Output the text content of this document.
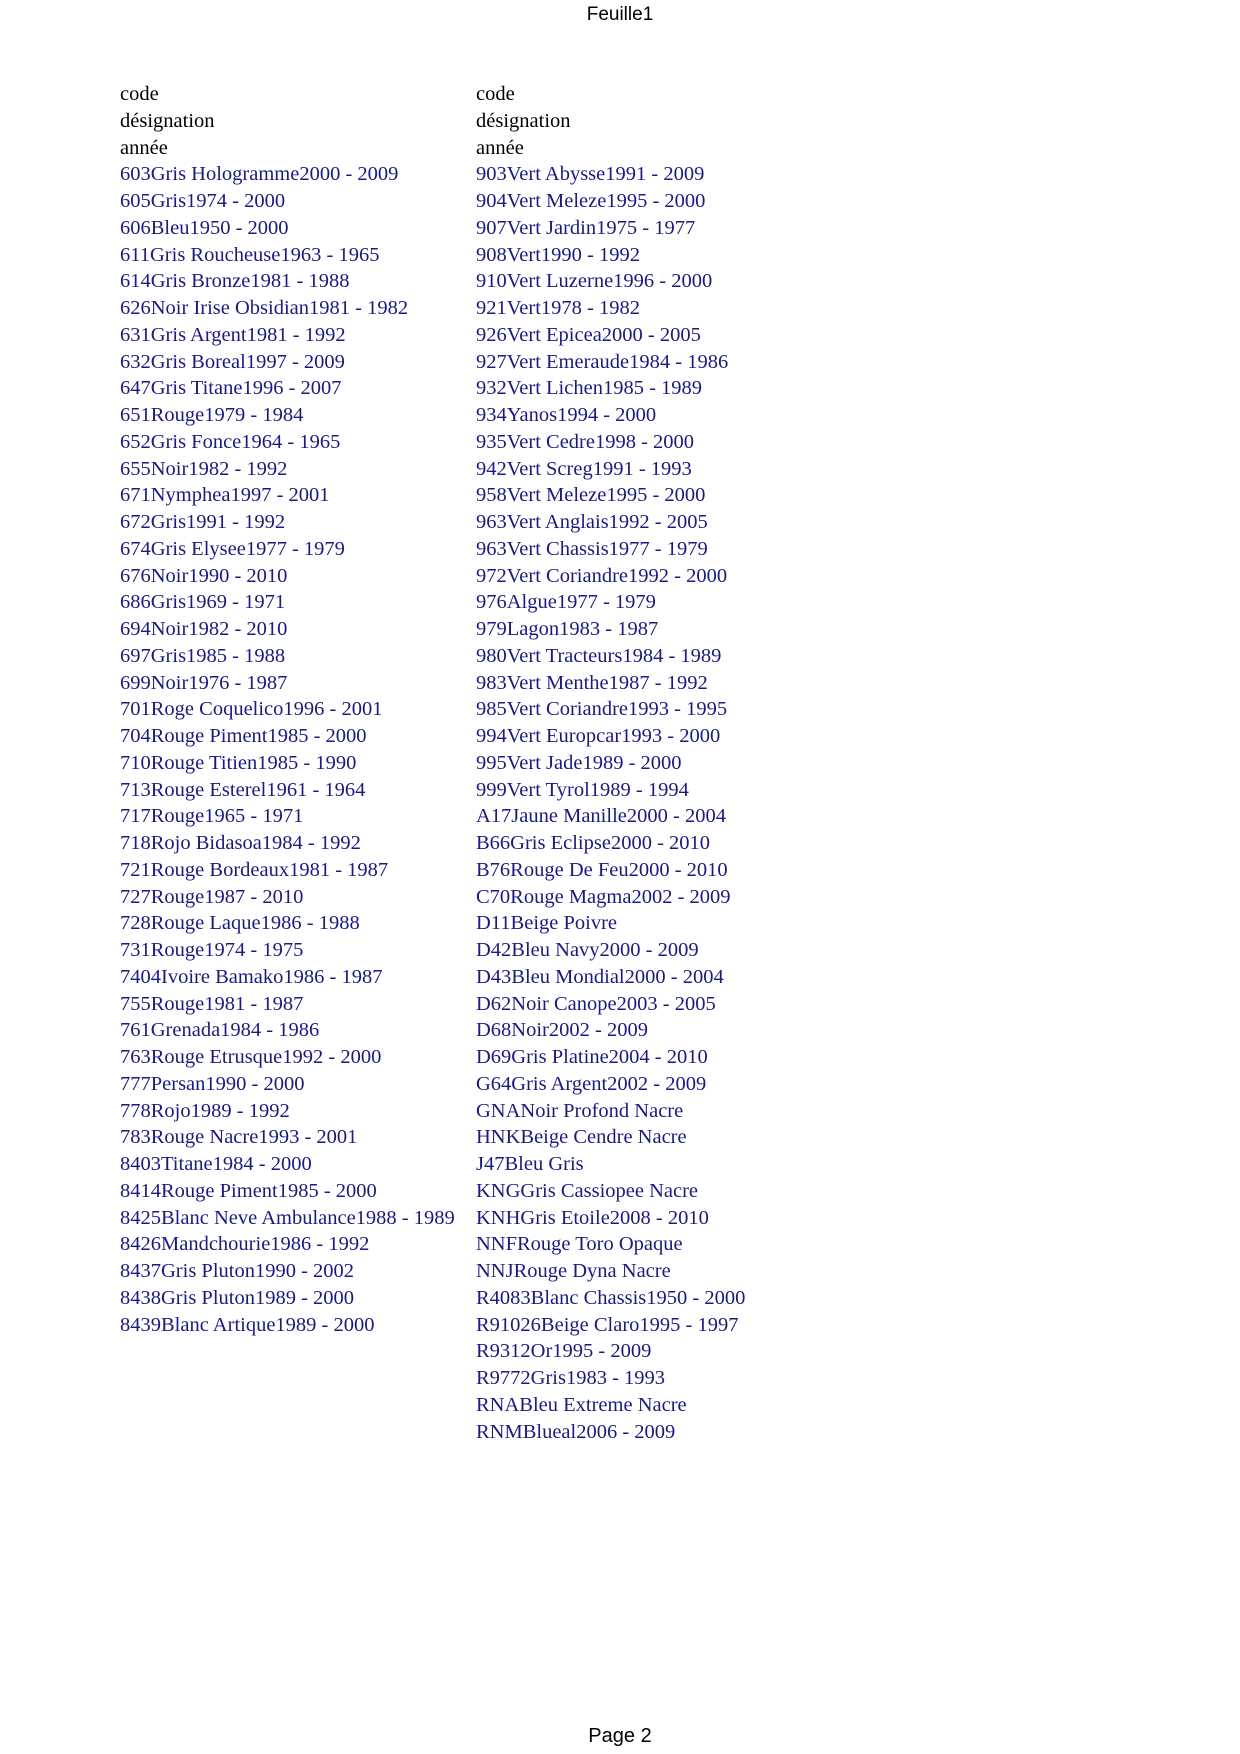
Feuille1
code
désignation
année
603Gris Hologramme2000 - 2009
605Gris1974 - 2000
606Bleu1950 - 2000
611Gris Roucheuse1963 - 1965
614Gris Bronze1981 - 1988
626Noir Irise Obsidian1981 - 1982
631Gris Argent1981 - 1992
632Gris Boreal1997 - 2009
647Gris Titane1996 - 2007
651Rouge1979 - 1984
652Gris Fonce1964 - 1965
655Noir1982 - 1992
671Nymphea1997 - 2001
672Gris1991 - 1992
674Gris Elysee1977 - 1979
676Noir1990 - 2010
686Gris1969 - 1971
694Noir1982 - 2010
697Gris1985 - 1988
699Noir1976 - 1987
701Roge Coquelico1996 - 2001
704Rouge Piment1985 - 2000
710Rouge Titien1985 - 1990
713Rouge Esterel1961 - 1964
717Rouge1965 - 1971
718Rojo Bidasoa1984 - 1992
721Rouge Bordeaux1981 - 1987
727Rouge1987 - 2010
728Rouge Laque1986 - 1988
731Rouge1974 - 1975
7404Ivoire Bamako1986 - 1987
755Rouge1981 - 1987
761Grenada1984 - 1986
763Rouge Etrusque1992 - 2000
777Persan1990 - 2000
778Rojo1989 - 1992
783Rouge Nacre1993 - 2001
8403Titane1984 - 2000
8414Rouge Piment1985 - 2000
8425Blanc Neve Ambulance1988 - 1989
8426Mandchourie1986 - 1992
8437Gris Pluton1990 - 2002
8438Gris Pluton1989 - 2000
8439Blanc Artique1989 - 2000
code
désignation
année
903Vert Abysse1991 - 2009
904Vert Meleze1995 - 2000
907Vert Jardin1975 - 1977
908Vert1990 - 1992
910Vert Luzerne1996 - 2000
921Vert1978 - 1982
926Vert Epicea2000 - 2005
927Vert Emeraude1984 - 1986
932Vert Lichen1985 - 1989
934Yanos1994 - 2000
935Vert Cedre1998 - 2000
942Vert Screg1991 - 1993
958Vert Meleze1995 - 2000
963Vert Anglais1992 - 2005
963Vert Chassis1977 - 1979
972Vert Coriandre1992 - 2000
976Algue1977 - 1979
979Lagon1983 - 1987
980Vert Tracteurs1984 - 1989
983Vert Menthe1987 - 1992
985Vert Coriandre1993 - 1995
994Vert Europcar1993 - 2000
995Vert Jade1989 - 2000
999Vert Tyrol1989 - 1994
A17Jaune Manille2000 - 2004
B66Gris Eclipse2000 - 2010
B76Rouge De Feu2000 - 2010
C70Rouge Magma2002 - 2009
D11Beige Poivre
D42Bleu Navy2000 - 2009
D43Bleu Mondial2000 - 2004
D62Noir Canope2003 - 2005
D68Noir2002 - 2009
D69Gris Platine2004 - 2010
G64Gris Argent2002 - 2009
GNANoir Profond Nacre
HNKBeige Cendre Nacre
J47Bleu Gris
KNGGris Cassiopee Nacre
KNHGris Etoile2008 - 2010
NNFRouge Toro Opaque
NNJRouge Dyna Nacre
R4083Blanc Chassis1950 - 2000
R91026Beige Claro1995 - 1997
R9312Or1995 - 2009
R9772Gris1983 - 1993
RNABleu Extreme Nacre
RNMBlueal2006 - 2009
Page 2
